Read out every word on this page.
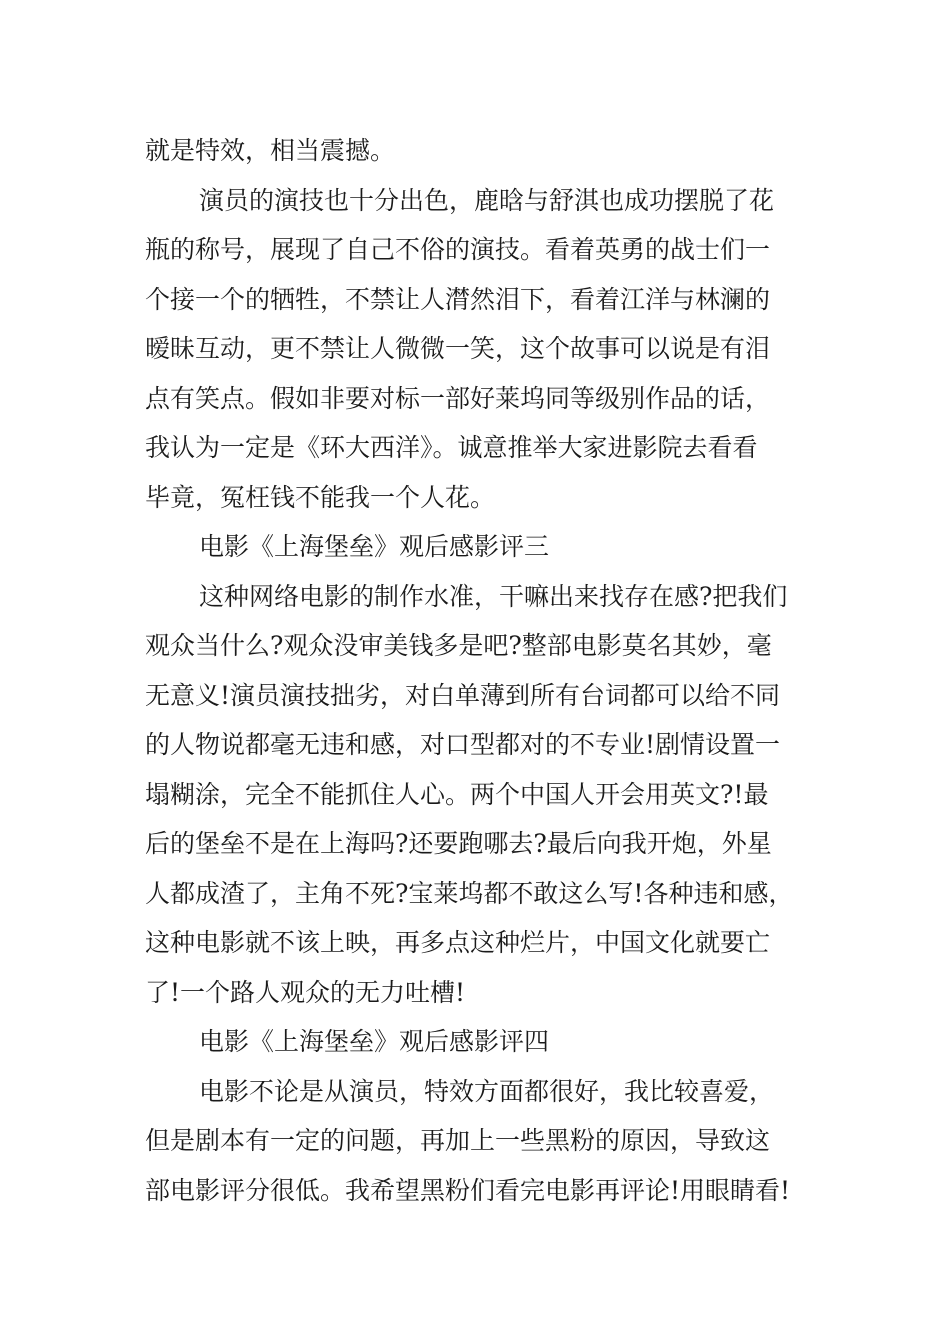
就是特效，相当震撼。
演员的演技也十分出色，鹿晗与舒淇也成功摆脱了花
瓶的称号，展现了自己不俗的演技。看着英勇的战士们一
个接一个的牺牲，不禁让人潸然泪下，看着江洋与林澜的
暧昧互动，更不禁让人微微一笑，这个故事可以说是有泪
点有笑点。假如非要对标一部好莱坞同等级别作品的话，
我认为一定是《环大西洋》。诚意推举大家进影院去看看
毕竟，冤枉钱不能我一个人花。
电影《上海堡垒》观后感影评三
这种网络电影的制作水准，干嘛出来找存在感?把我们
观众当什么?观众没审美钱多是吧?整部电影莫名其妙，毫
无意义!演员演技拙劣，对白单薄到所有台词都可以给不同
的人物说都毫无违和感，对口型都对的不专业!剧情设置一
塌糊涂，完全不能抓住人心。两个中国人开会用英文?!最
后的堡垒不是在上海吗?还要跑哪去?最后向我开炮，外星
人都成渣了，主角不死?宝莱坞都不敢这么写!各种违和感，
这种电影就不该上映，再多点这种烂片，中国文化就要亡
了!一个路人观众的无力吐槽!
电影《上海堡垒》观后感影评四
电影不论是从演员，特效方面都很好，我比较喜爱，
但是剧本有一定的问题，再加上一些黑粉的原因，导致这
部电影评分很低。我希望黑粉们看完电影再评论!用眼睛看!
